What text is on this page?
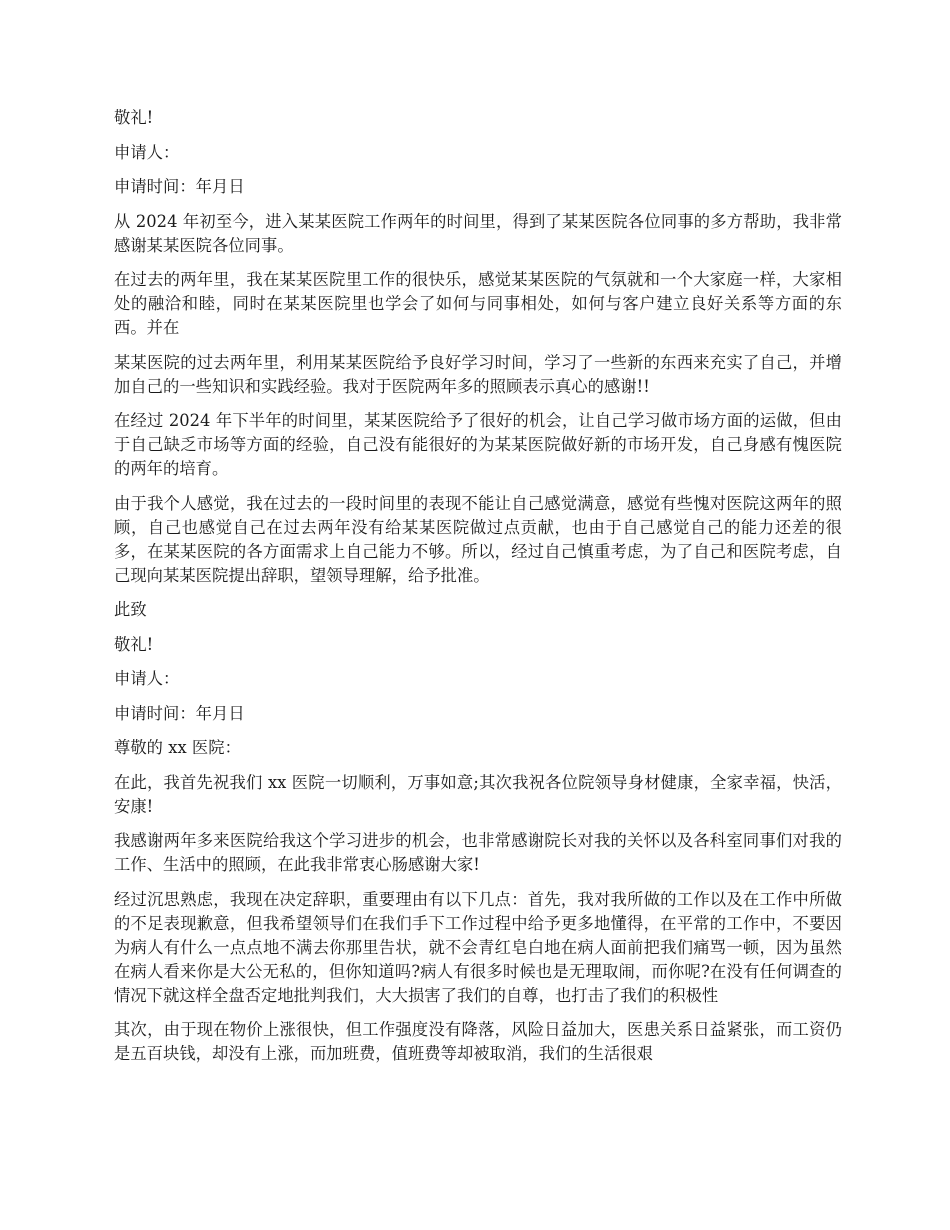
敬礼!

申请人：

申请时间：年月日

从 2024 年初至今，进入某某医院工作两年的时间里，得到了某某医院各位同事的多方帮助，我非常感谢某某医院各位同事。

在过去的两年里，我在某某医院里工作的很快乐，感觉某某医院的气氛就和一个大家庭一样，大家相处的融洽和睦，同时在某某医院里也学会了如何与同事相处，如何与客户建立良好关系等方面的东西。并在

某某医院的过去两年里，利用某某医院给予良好学习时间，学习了一些新的东西来充实了自己，并增加自己的一些知识和实践经验。我对于医院两年多的照顾表示真心的感谢!!

在经过 2024 年下半年的时间里，某某医院给予了很好的机会，让自己学习做市场方面的运做，但由于自己缺乏市场等方面的经验，自己没有能很好的为某某医院做好新的市场开发，自己身感有愧医院的两年的培育。

由于我个人感觉，我在过去的一段时间里的表现不能让自己感觉满意，感觉有些愧对医院这两年的照顾，自己也感觉自己在过去两年没有给某某医院做过点贡献，也由于自己感觉自己的能力还差的很多，在某某医院的各方面需求上自己能力不够。所以，经过自己慎重考虑，为了自己和医院考虑，自己现向某某医院提出辞职，望领导理解，给予批准。

此致

敬礼!

申请人：

申请时间：年月日

尊敬的 xx 医院：

在此，我首先祝我们 xx 医院一切顺利，万事如意;其次我祝各位院领导身材健康，全家幸福，快活，安康!

我感谢两年多来医院给我这个学习进步的机会，也非常感谢院长对我的关怀以及各科室同事们对我的工作、生活中的照顾，在此我非常衷心肠感谢大家!

经过沉思熟虑，我现在决定辞职，重要理由有以下几点：首先，我对我所做的工作以及在工作中所做的不足表现歉意，但我希望领导们在我们手下工作过程中给予更多地懂得，在平常的工作中，不要因为病人有什么一点点地不满去你那里告状，就不会青红皂白地在病人面前把我们痛骂一顿，因为虽然在病人看来你是大公无私的，但你知道吗?病人有很多时候也是无理取闹，而你呢?在没有任何调查的情况下就这样全盘否定地批判我们，大大损害了我们的自尊，也打击了我们的积极性

其次，由于现在物价上涨很快，但工作强度没有降落，风险日益加大，医患关系日益紧张，而工资仍是五百块钱，却没有上涨，而加班费，值班费等却被取消，我们的生活很艰
